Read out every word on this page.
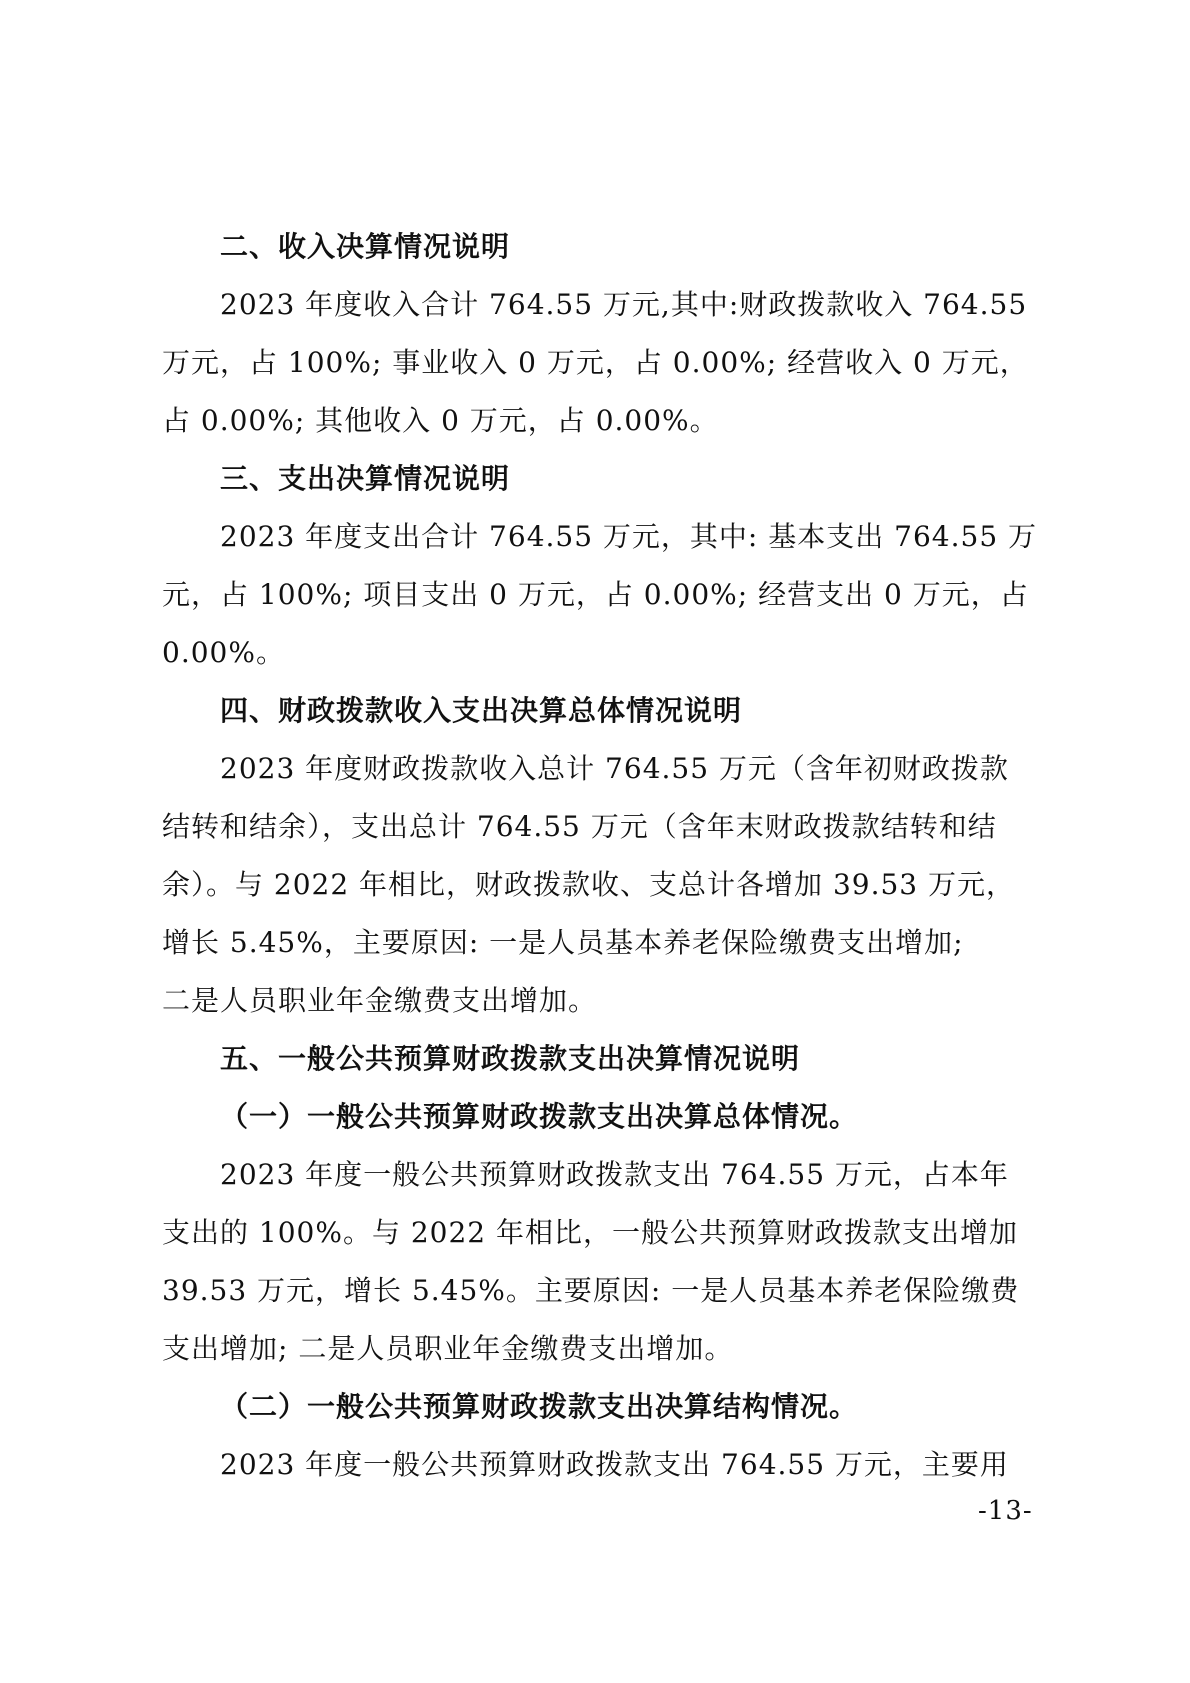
二、收入决算情况说明
2023 年度收入合计 764.55 万元,其中:财政拨款收入 764.55
万元，占 100%; 事业收入 0 万元，占 0.00%; 经营收入 0 万元，
占 0.00%; 其他收入 0 万元，占 0.00%。
三、支出决算情况说明
2023 年度支出合计 764.55 万元，其中: 基本支出 764.55 万
元，占 100%; 项目支出 0 万元，占 0.00%; 经营支出 0 万元，占
0.00%。
四、财政拨款收入支出决算总体情况说明
2023 年度财政拨款收入总计 764.55 万元（含年初财政拨款
结转和结余），支出总计 764.55 万元（含年末财政拨款结转和结
余）。与 2022 年相比，财政拨款收、支总计各增加 39.53 万元，
增长 5.45%，主要原因: 一是人员基本养老保险缴费支出增加;
二是人员职业年金缴费支出增加。
五、一般公共预算财政拨款支出决算情况说明
（一）一般公共预算财政拨款支出决算总体情况。
2023 年度一般公共预算财政拨款支出 764.55 万元，占本年
支出的 100%。与 2022 年相比，一般公共预算财政拨款支出增加
39.53 万元，增长 5.45%。主要原因: 一是人员基本养老保险缴费
支出增加; 二是人员职业年金缴费支出增加。
（二）一般公共预算财政拨款支出决算结构情况。
2023 年度一般公共预算财政拨款支出 764.55 万元，主要用
-13-
